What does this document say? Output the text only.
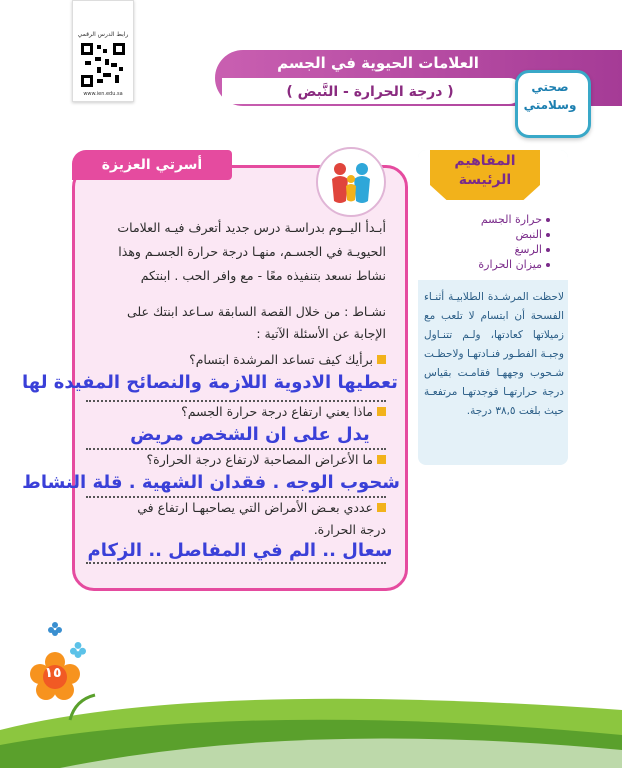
رابط الدرس الرقمي
www.ien.edu.sa
العلامات الحيوية في الجسم
( درجة الحرارة - النَّبض )	صحتي
وسلامتي
المفاهيم
الرئيسة
حرارة الجسم
النبض
الرسغ
ميزان الحرارة
لاحظت المرشـدة الطلابيـة أثنـاء الفسحة أن ابتسام لا تلعب مع زميلاتها كعادتها، ولـم تتنـاول وجبـة الفطـور فنـادتهـا ولاحظـت شـحوب وجههـا فقامـت بقياس درجة حرارتهـا فوجدتهـا مرتفعـة حيث بلغت ٣٨,٥ درجة.
أسرتي العزيزة
أبـدأ اليــوم بدراسـة درس جديد أتعرف فيـه العلامات
الحيويـة في الجسـم، منهـا درجة حرارة الجسـم وهذا
نشاط نسعد بتنفيذه معًا - مع وافر الحب . ابنتكم
نشـاط : من خلال القصة السابقة سـاعد ابنتك على
الإجابة عن الأسئلة الآتية :
برأيك كيف تساعد المرشدة ابتسام؟
تعطيها الادوية اللازمة والنصائح المفيدة لها
ماذا يعني ارتفاع درجة حرارة الجسم؟
يدل على ان الشخص مريض
ما الأعراض المصاحبة لارتفاع درجة الحرارة؟
شحوب الوجه . فقدان الشهية . قلة النشاط
عددي بعـض الأمراض التي يصاحبهـا ارتفاع في
درجة الحرارة.
سعال .. الم في المفاصل .. الزكام
١٥
